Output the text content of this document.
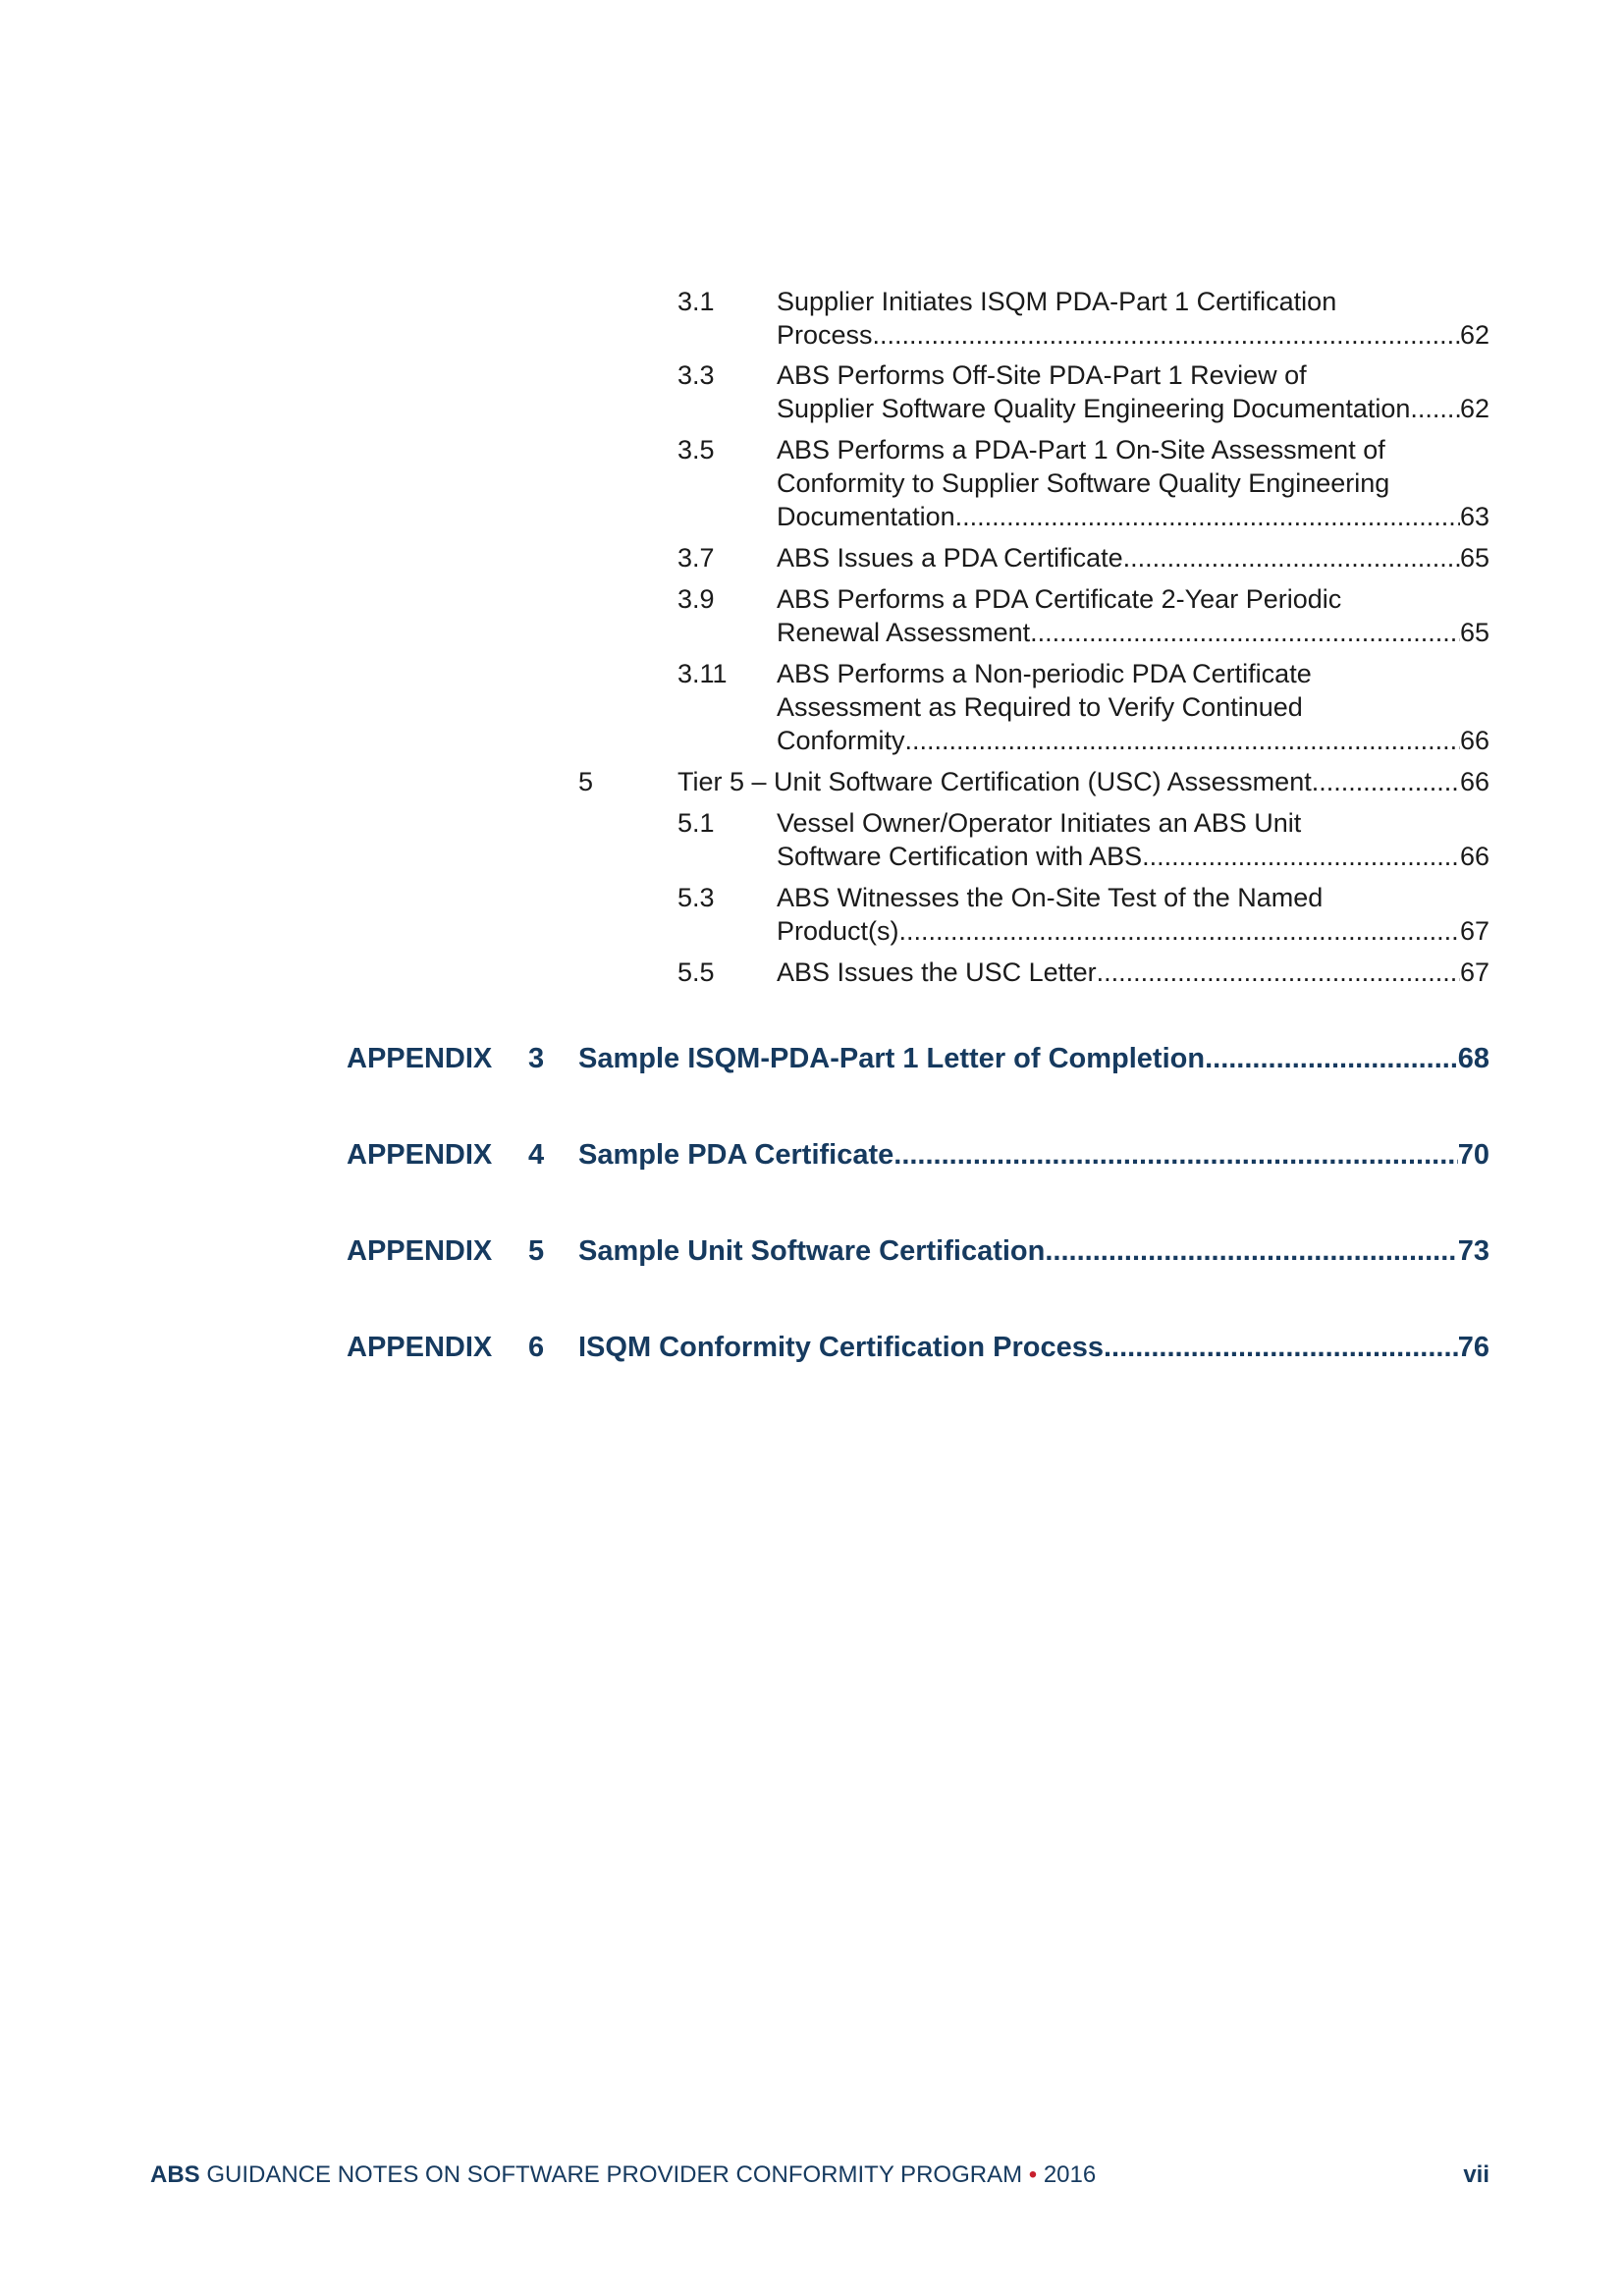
3.1 Supplier Initiates ISQM PDA-Part 1 Certification
Process .....	62
3.3 ABS Performs Off-Site PDA-Part 1 Review of
Supplier Software Quality Engineering Documentation ..... 62
3.5 ABS Performs a PDA-Part 1 On-Site Assessment of
Conformity to Supplier Software Quality Engineering
Documentation .....	63
3.7 ABS Issues a PDA Certificate .....	65
3.9 ABS Performs a PDA Certificate 2-Year Periodic
Renewal Assessment .....	65
3.11 ABS Performs a Non-periodic PDA Certificate
Assessment as Required to Verify Continued
Conformity .....	66
5	Tier 5 – Unit Software Certification (USC) Assessment .....	66
5.1 Vessel Owner/Operator Initiates an ABS Unit
Software Certification with ABS .....	66
5.3 ABS Witnesses the On-Site Test of the Named
Product(s) .....	67
5.5 ABS Issues the USC Letter .....	67
APPENDIX 3 Sample ISQM-PDA-Part 1 Letter of Completion .....	68
APPENDIX 4 Sample PDA Certificate .....	70
APPENDIX 5 Sample Unit Software Certification .....	73
APPENDIX 6 ISQM Conformity Certification Process .....	76
ABS GUIDANCE NOTES ON SOFTWARE PROVIDER CONFORMITY PROGRAM • 2016	vii
